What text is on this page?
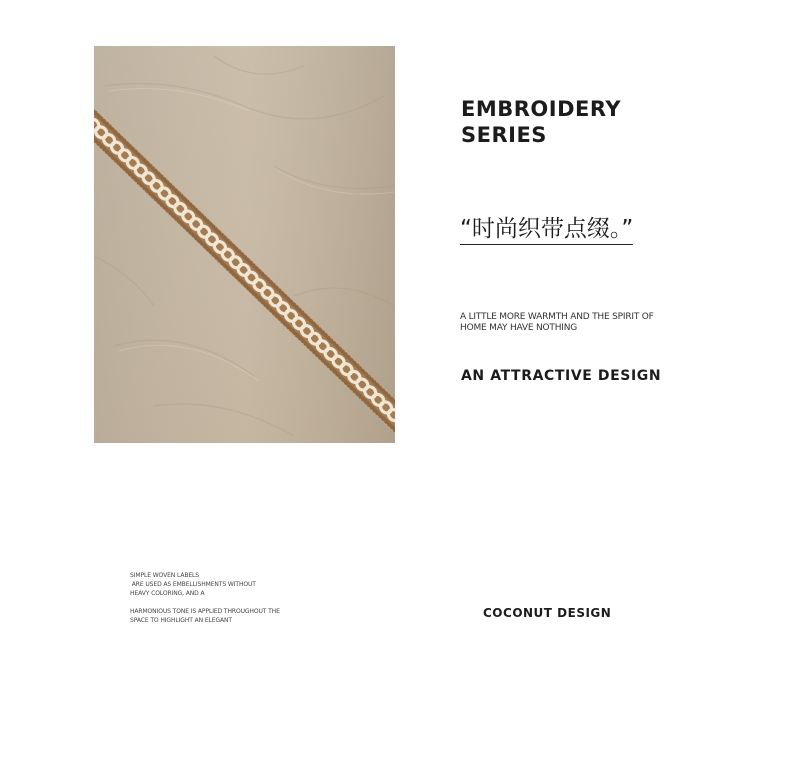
EMBROIDERY
SERIES
“时尚织带点缀。”
A LITTLE MORE WARMTH AND THE SPIRIT OF
HOME MAY HAVE NOTHING
AN ATTRACTIVE DESIGN
SIMPLE WOVEN LABELS
ARE USED AS EMBELLISHMENTS WITHOUT
HEAVY COLORING, AND A
HARMONIOUS TONE IS APPLIED THROUGHOUT THE
SPACE TO HIGHLIGHT AN ELEGANT
COCONUT DESIGN
